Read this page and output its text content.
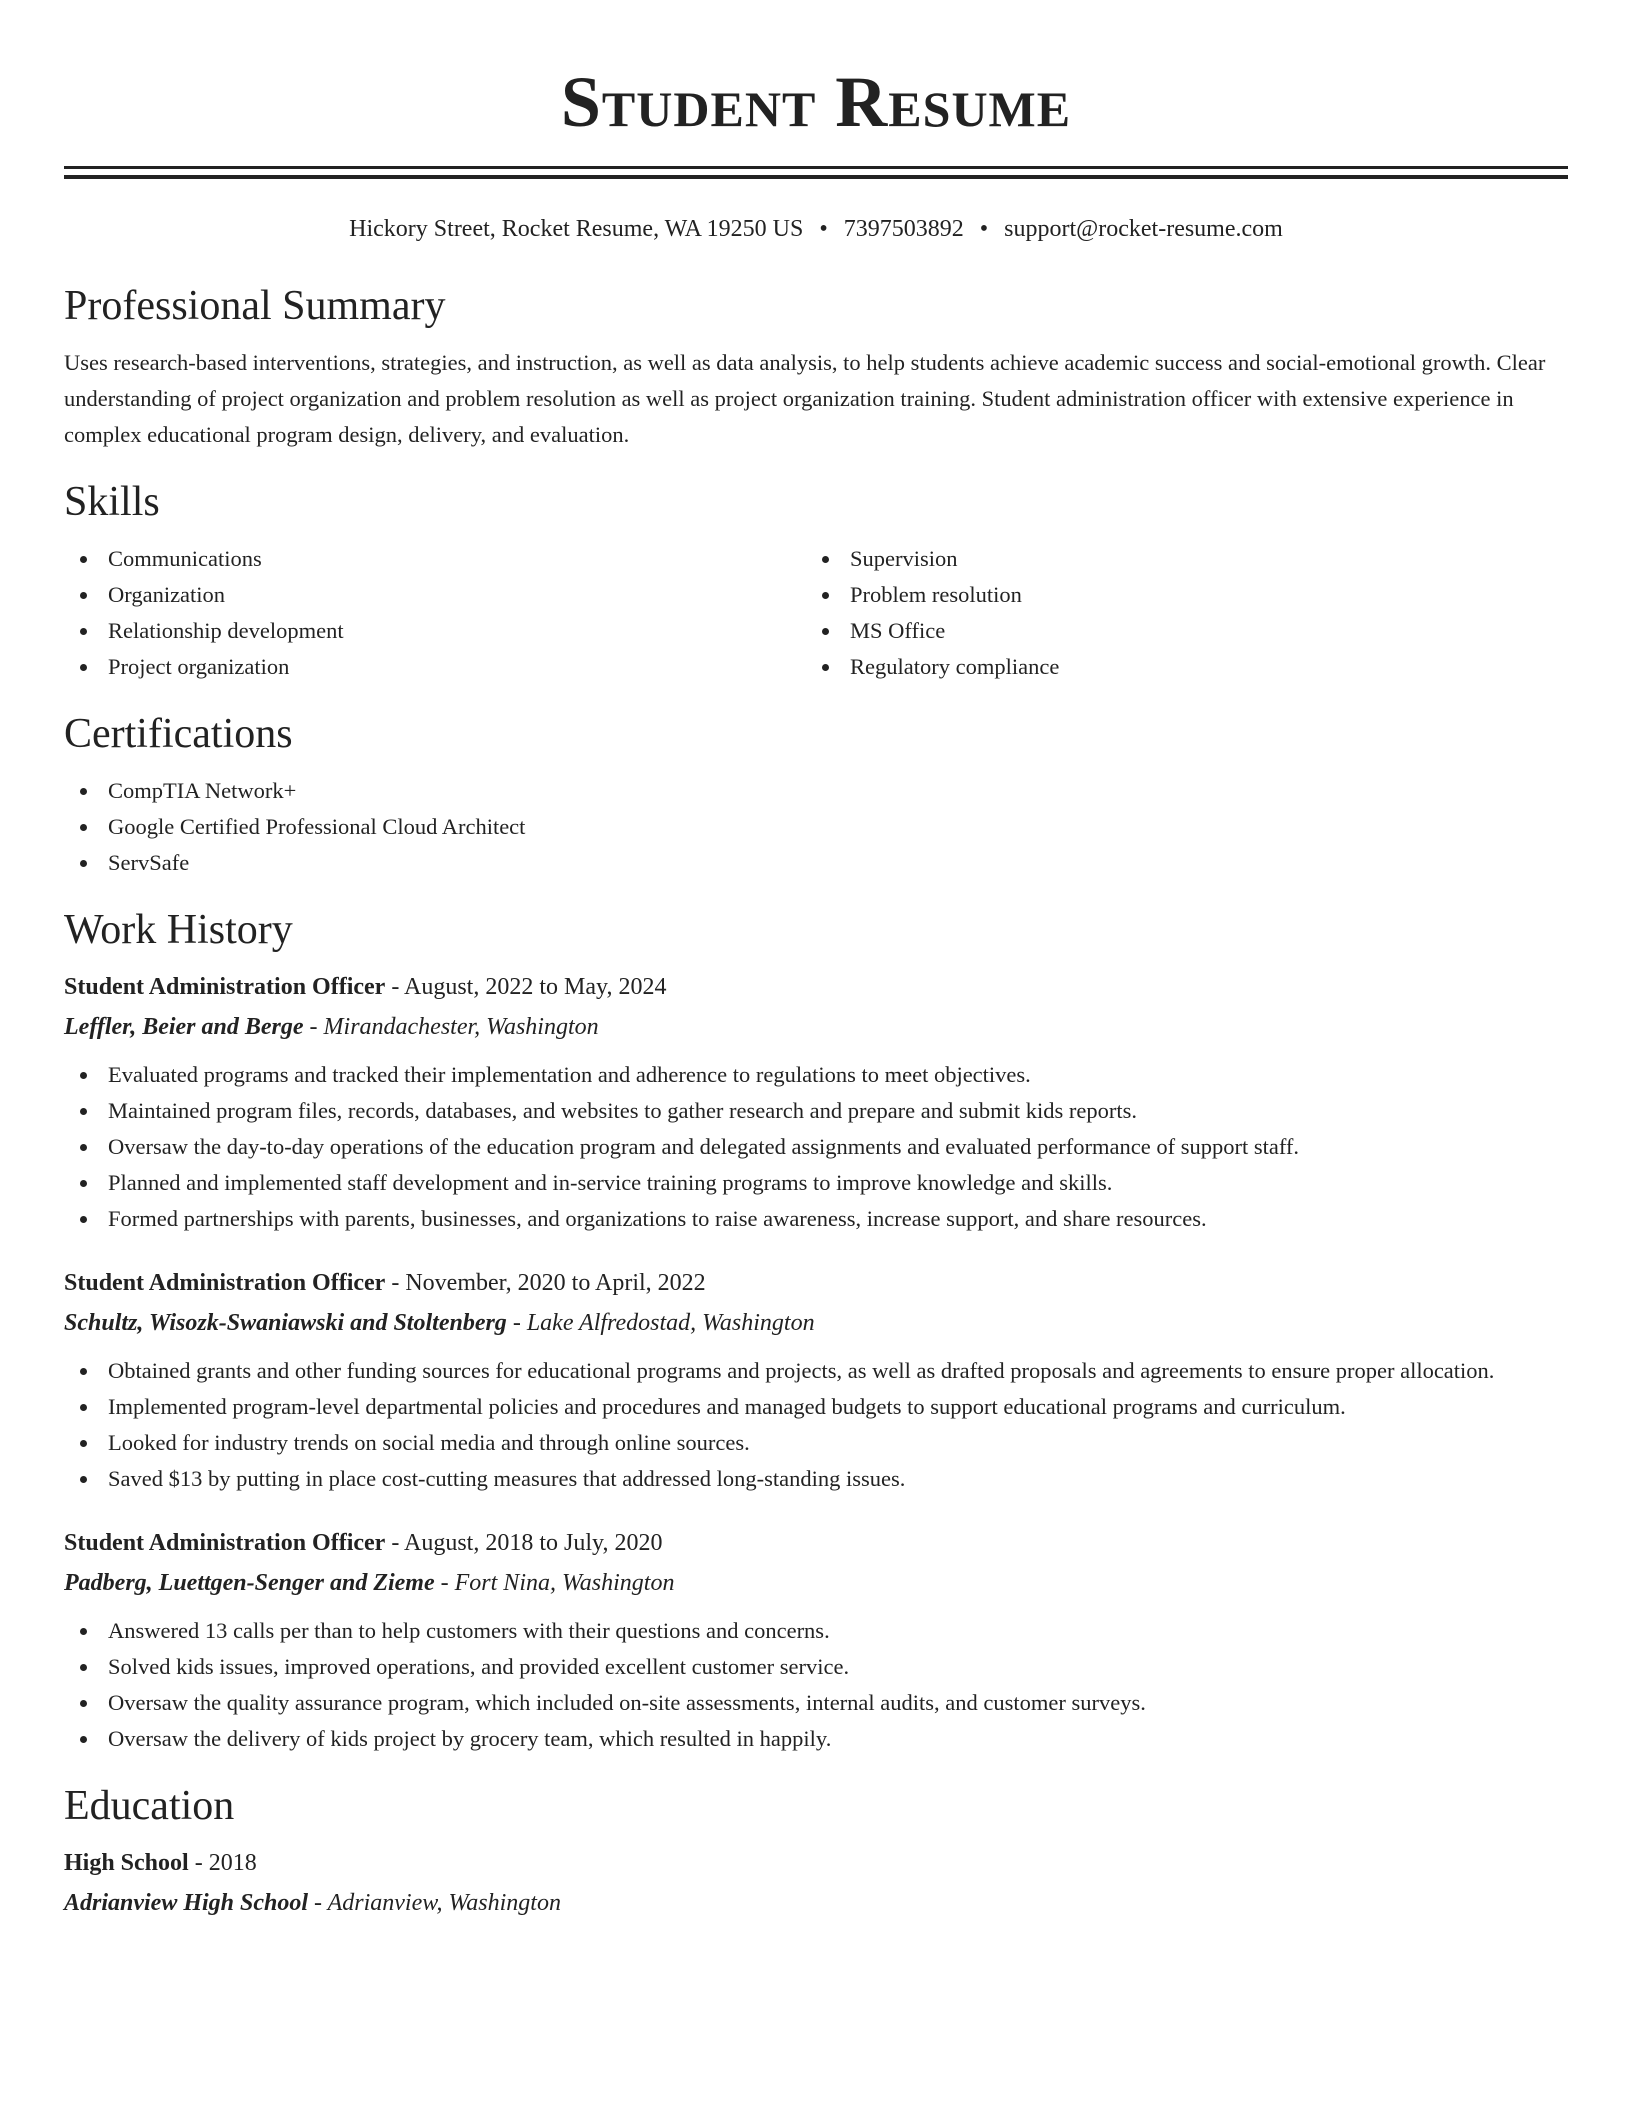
Student Resume
Hickory Street, Rocket Resume, WA 19250 US • 7397503892 • support@rocket-resume.com
Professional Summary

Uses research-based interventions, strategies, and instruction, as well as data analysis, to help students achieve academic success and social-emotional growth. Clear understanding of project organization and problem resolution as well as project organization training. Student administration officer with extensive experience in complex educational program design, delivery, and evaluation.

Skills
Communications
Organization
Relationship development
Project organization
Supervision
Problem resolution
MS Office
Regulatory compliance
Certifications
CompTIA Network+
Google Certified Professional Cloud Architect
ServSafe
Work History
Student Administration Officer - August, 2022 to May, 2024
Leffler, Beier and Berge - Mirandachester, Washington
Evaluated programs and tracked their implementation and adherence to regulations to meet objectives.
Maintained program files, records, databases, and websites to gather research and prepare and submit kids reports.
Oversaw the day-to-day operations of the education program and delegated assignments and evaluated performance of support staff.
Planned and implemented staff development and in-service training programs to improve knowledge and skills.
Formed partnerships with parents, businesses, and organizations to raise awareness, increase support, and share resources.
Student Administration Officer - November, 2020 to April, 2022
Schultz, Wisozk-Swaniawski and Stoltenberg - Lake Alfredostad, Washington
Obtained grants and other funding sources for educational programs and projects, as well as drafted proposals and agreements to ensure proper allocation.
Implemented program-level departmental policies and procedures and managed budgets to support educational programs and curriculum.
Looked for industry trends on social media and through online sources.
Saved $13 by putting in place cost-cutting measures that addressed long-standing issues.
Student Administration Officer - August, 2018 to July, 2020
Padberg, Luettgen-Senger and Zieme - Fort Nina, Washington
Answered 13 calls per than to help customers with their questions and concerns.
Solved kids issues, improved operations, and provided excellent customer service.
Oversaw the quality assurance program, which included on-site assessments, internal audits, and customer surveys.
Oversaw the delivery of kids project by grocery team, which resulted in happily.
Education
High School - 2018
Adrianview High School - Adrianview, Washington
